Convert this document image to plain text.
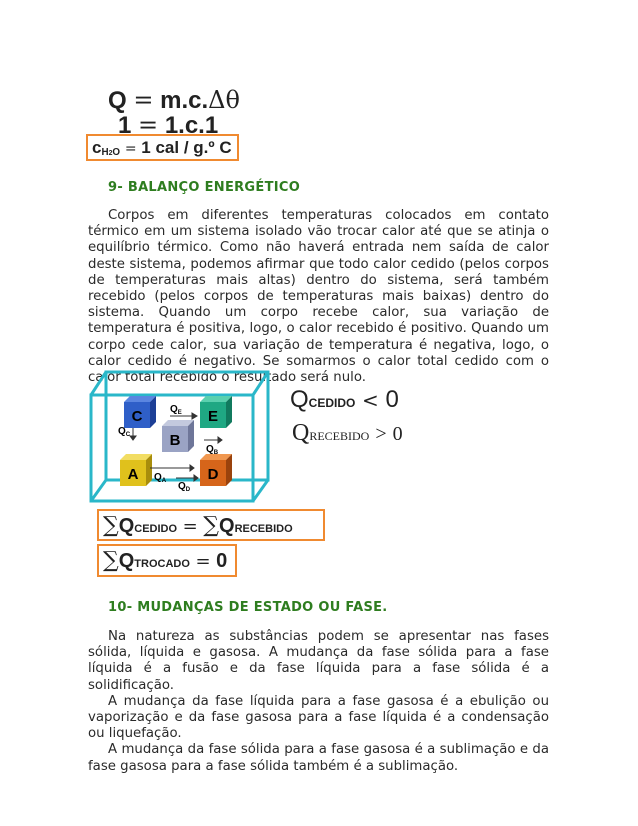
Q = m.c.Δθ
1 = 1.c.1
cH2O = 1 cal / g.º C
9- BALANÇO ENERGÉTICO

Corpos em diferentes temperaturas colocados em contato térmico em um sistema isolado vão trocar calor até que se atinja o equilíbrio térmico. Como não haverá entrada nem saída de calor deste sistema, podemos afirmar que todo calor cedido (pelos corpos de temperaturas mais altas) dentro do sistema, será também recebido (pelos corpos de temperaturas mais baixas) dentro do sistema. Quando um corpo recebe calor, sua variação de temperatura é positiva, logo, o calor recebido é positivo. Quando um corpo cede calor, sua variação de temperatura é negativa, logo, o calor cedido é negativo. Se somarmos o calor total cedido com o calor total recebido o resultado será nulo.

C	E
B
A	D
$Q_E$
$Q_C$
$Q_B$
$Q_A$ $Q_D$
QCEDIDO < 0
QRECEBIDO > 0
∑QCEDIDO = ∑QRECEBIDO
∑QTROCADO = 0
10- MUDANÇAS DE ESTADO OU FASE.

Na natureza as substâncias podem se apresentar nas fases sólida, líquida e gasosa. A mudança da fase sólida para a fase líquida é a fusão e da fase líquida para a fase sólida é a solidificação.

A mudança da fase líquida para a fase gasosa é a ebulição ou vaporização e da fase gasosa para a fase líquida é a condensação ou liquefação.

A mudança da fase sólida para a fase gasosa é a sublimação e da fase gasosa para a fase sólida também é a sublimação.
